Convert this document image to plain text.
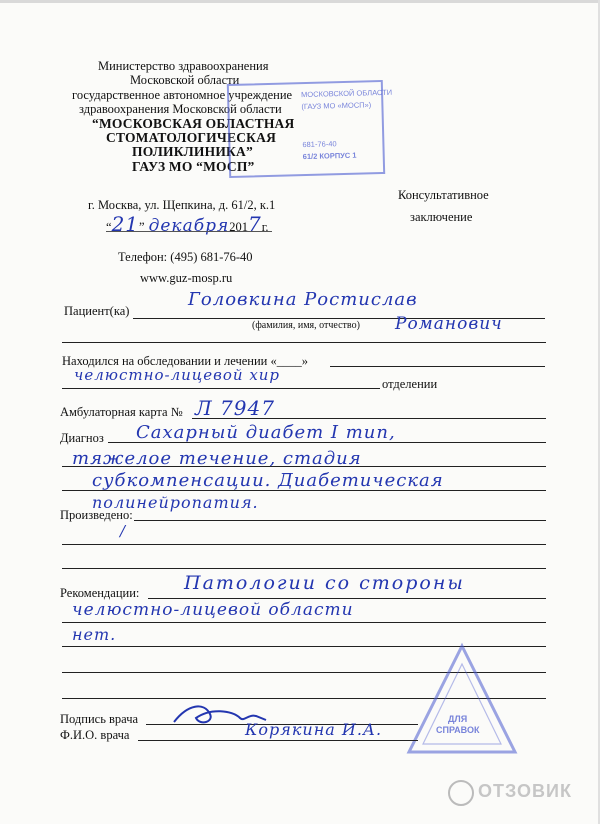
Министерство здравоохранения
Московской области
государственное автономное учреждение
здравоохранения Московской области
“МОСКОВСКАЯ ОБЛАСТНАЯ
СТОМАТОЛОГИЧЕСКАЯ
ПОЛИКЛИНИКА”
ГАУЗ МО “МОСП”
МОСКОВСКОЙ ОБЛАСТИ
(ГАУЗ МО «МОСП»)
681-76-40
61/2 КОРПУС 1
г. Москва, ул. Щепкина, д. 61/2, к.1
“21” декабря2017г.
Телефон: (495) 681-76-40
www.guz-mosp.ru
Консультативное
заключение
Пациент(ка)
Головкина Ростислав
(фамилия, имя, отчество) Романович
Находился на обследовании и лечении «____»
челюстно-лицевой хир	отделении
Амбулаторная карта № Л 7947
Диагноз Сахарный диабет I тип,
тяжелое течение, стадия
субкомпенсации. Диабетическая
полинейропатия.
Произведено:
/
Рекомендации: Патологии со стороны
челюстно-лицевой области
нет.
ДЛЯ
СПРАВОК
Подпись врача
Ф.И.О. врача	Корякина И.А.
ОТЗОВИК
